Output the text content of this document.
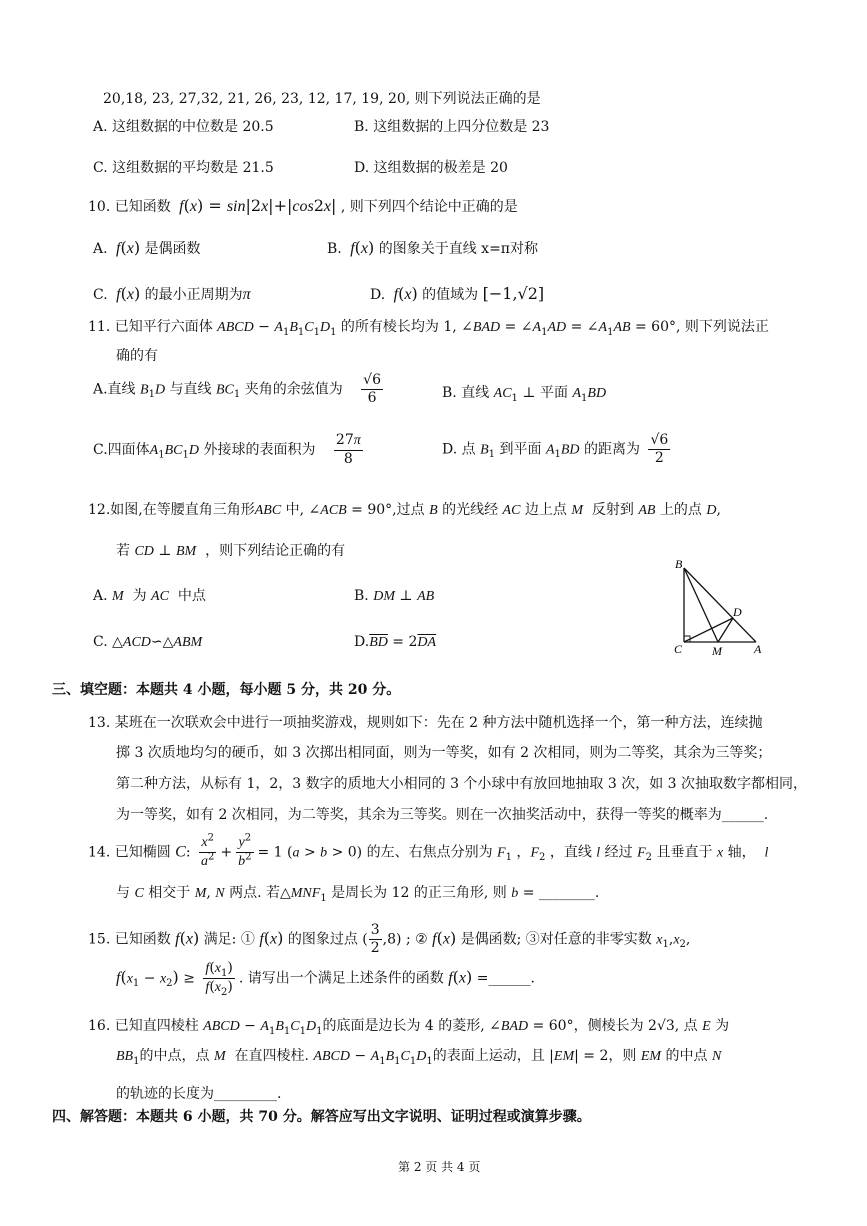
20,18, 23, 27,32, 21, 26, 23, 12, 17, 19, 20, 则下列说法正确的是
A. 这组数据的中位数是 20.5	B. 这组数据的上四分位数是 23
C. 这组数据的平均数是 21.5	D. 这组数据的极差是 20
10. 已知函数  f(x) = sin|2x|+|cos2x| , 则下列四个结论中正确的是
A.  f(x) 是偶函数	B.  f(x) 的图象关于直线 x=π对称
C.  f(x) 的最小正周期为π	D.  f(x) 的值域为 [−1,√2]
11. 已知平行六面体 ABCD − $A_1B_1C_1D_1$ 的所有棱长均为 1, ∠BAD = $\angle A_1AD$ = $\angle A_1AB = 60^\circ$, 则下列说法正
确的有
A.直线 $B_1D$ 与直线 $BC_1$ 夹角的余弦值为 $\frac{√6}{6}$	B. 直线 $AC_1$ ⊥ 平面 $A_1BD$
C.四面体$A_1BC_1D$ 外接球的表面积为 $\frac{27\pi}{8}$	D. 点 $B_1$ 到平面 $A_1BD$ 的距离为 $\frac{√6}{2}$
12.如图,在等腰直角三角形ABC 中, ∠ACB = 90°,过点 B 的光线经 AC 边上点 M 反射到 AB 上的点 D,
若 CD ⊥ BM ，则下列结论正确的有
A. M 为 AC 中点	B. DM ⊥ AB
C. △ACD∽△ABM	$D.\overline{BD} = 2\overline{DA}$
B
D
C M	A
三、填空题：本题共 4 小题，每小题 5 分，共 20 分。
13. 某班在一次联欢会中进行一项抽奖游戏，规则如下：先在 2 种方法中随机选择一个，第一种方法，连续抛
掷 3 次质地均匀的硬币，如 3 次掷出相同面，则为一等奖，如有 2 次相同，则为二等奖，其余为三等奖；
第二种方法，从标有 1，2，3 数字的质地大小相同的 3 个小球中有放回地抽取 3 次，如 3 次抽取数字都相同，
为一等奖，如有 2 次相同，为二等奖，其余为三等奖。则在一次抽奖活动中，获得一等奖的概率为______.
14. 已知椭圆 C: $\frac{x^2}{a^2} + \frac{y^2}{b^2} = 1$ (a > b > 0) 的左、右焦点分别为 $F_1$ ，$F_2$ ，直线 l 经过 $F_2$ 且垂直于 x 轴， l
与 C 相交于 M, N 两点. 若$\triangle MNF_1$ 是周长为 12 的正三角形, 则 b = ________.
15. 已知函数 f(x) 满足: ① f(x) 的图象过点 ( $\frac{3}{2} ,8$) ; ② f(x) 是偶函数; ③对任意的非零实数 $x_1,x_2$,
$f(x_1 - x_2) \ge \frac{f(x_1)}{f(x_2)}$ . 请写出一个满足上述条件的函数 f(x) =______.
16. 已知直四棱柱 ABCD − $A_1B_1C_1D_1$的底面是边长为 4 的菱形, ∠BAD = 60°，侧棱长为 2√3, 点 E 为
$BB_1$的中点，点 M 在直四棱柱. ABCD − $A_1B_1C_1D_1$的表面上运动，且 |EM| = 2，则 EM 的中点 N
的轨迹的长度为_________.
四、解答题：本题共 6 小题，共 70 分。解答应写出文字说明、证明过程或演算步骤。
第 2 页 共 4 页
